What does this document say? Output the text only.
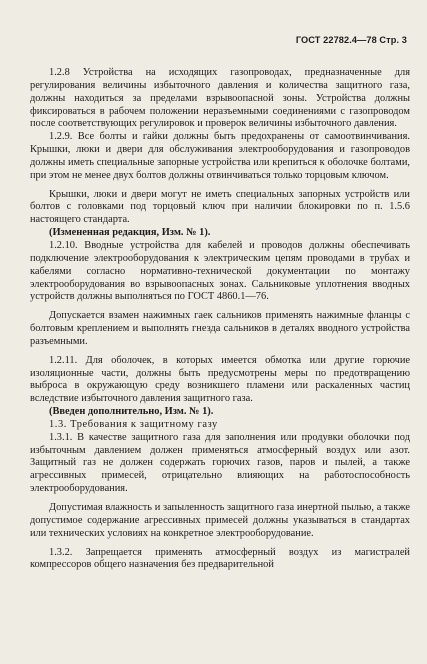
ГОСТ 22782.4—78 Стр. 3

1.2.8 Устройства на исходящих газопроводах, предназначенные для регулирования величины избыточного давления и количества защитного газа, должны находиться за пределами взрывоопасной зоны. Устройства должны фиксироваться в рабочем положении неразъемными соединениями с газопроводом после соответствующих регулировок и проверок величины избыточного давления.

1.2.9. Все болты и гайки должны быть предохранены от самоотвинчивания. Крышки, люки и двери для обслуживания электрооборудования и газопроводов должны иметь специальные запорные устройства или крепиться к оболочке болтами, при этом не менее двух болтов должны отвинчиваться только торцовым ключом.

Крышки, люки и двери могут не иметь специальных запорных устройств или болтов с головками под торцовый ключ при наличии блокировки по п. 1.5.6 настоящего стандарта.

(Измененная редакция, Изм. № 1).

1.2.10. Вводные устройства для кабелей и проводов должны обеспечивать подключение электрооборудования к электрическим цепям проводами в трубах и кабелями согласно нормативно-технической документации по монтажу электрооборудования во взрывоопасных зонах. Сальниковые уплотнения вводных устройств должны выполняться по ГОСТ 4860.1—76.

Допускается взамен нажимных гаек сальников применять нажимные фланцы с болтовым креплением и выполнять гнезда сальников в деталях вводного устройства разъемными.

1.2.11. Для оболочек, в которых имеется обмотка или другие горючие изоляционные части, должны быть предусмотрены меры по предотвращению выброса в окружающую среду возникшего пламени или раскаленных частиц вследствие избыточного давления защитного газа.

(Введен дополнительно, Изм. № 1).

1.3. Требования к защитному газу

1.3.1. В качестве защитного газа для заполнения или продувки оболочки под избыточным давлением должен применяться атмосферный воздух или азот. Защитный газ не должен содержать горючих газов, паров и пылей, а также агрессивных примесей, отрицательно влияющих на работоспособность электрооборудования.

Допустимая влажность и запыленность защитного газа инертной пылью, а также допустимое содержание агрессивных примесей должны указываться в стандартах или технических условиях на конкретное электрооборудование.

1.3.2. Запрещается применять атмосферный воздух из магистралей компрессоров общего назначения без предварительной
